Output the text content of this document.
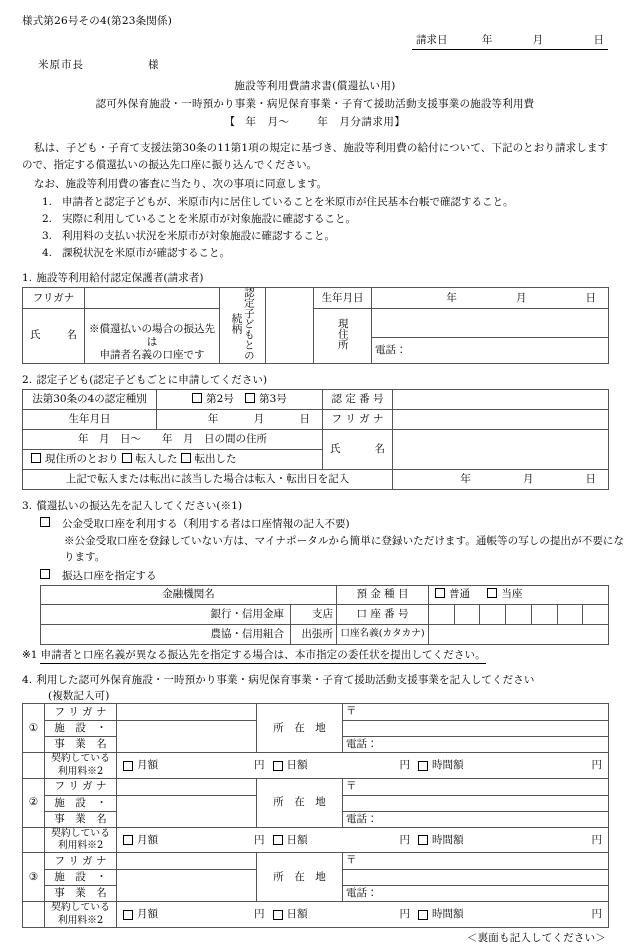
様式第26号その4(第23条関係)
請求日	年	月	日
米原市長	様
施設等利用費請求書(償還払い用)
認可外保育施設・一時預かり事業・病児保育事業・子育て援助活動支援事業の施設等利用費
【 年　月～	年　月分請求用】
私は、子ども・子育て支援法第30条の11第1項の規定に基づき、施設等利用費の給付について、下記のとおり請求しますので、指定する償還払いの振込先口座に振り込んでください。
なお、施設等利用費の審査に当たり、次の事項に同意します。
1. 申請者と認定子どもが、米原市内に居住していることを米原市が住民基本台帳で確認すること。
2. 実際に利用していることを米原市が対象施設に確認すること。
3. 利用料の支払い状況を米原市が対象施設に確認すること。
4. 課税状況を米原市が確認すること。
1. 施設等利用給付認定保護者(請求者)
フリガナ		認定子どもとの続柄		生年月日	年 月 日

氏 名

※償還払いの場合の振込先は
申請者名義の口座です
	現住所	
					電話：
2. 認定子ども(認定子どもごとに申請してください)
法第30条の4の認定種別	第2号 第3号	認 定 番 号	
生年月日	年 月 日	フ リ ガ ナ	
年　月　日～　　年　月　日の間の住所		氏 名	

現住所のとおり 転入した 転出した			
上記で転入または転出に該当した場合は転入・転出日を記入			年 月 日
3. 償還払いの振込先を記入してください(※1)
公金受取口座を利用する（利用する者は口座情報の記入不要)
※公金受取口座を登録していない方は、マイナポータルから簡単に登録いただけます。通帳等の写しの提出が不要になります。
振込口座を指定する
金融機関名		預 金 種 目	普通 当座
銀行・信用金庫	支店	口 座 番 号	

農協・信用組合	出張所	口座名義(カタカナ)	
※1 申請者と口座名義が異なる振込先を指定する場合は、本市指定の委任状を提出してください。
4. 利用した認可外保育施設・一時預かり事業・病児保育事業・子育て援助活動支援事業を記入してください
(複数記入可)
①	フ リ ガ ナ		所　在　地	〒
	施　設　・			
	事　業　名			電話：
	契約している利用料※2	
月額	円 日額	円 時間額	円

②	フ リ ガ ナ		所　在　地	〒
	施　設　・			
	事　業　名			電話：
	契約している利用料※2	
月額	円 日額	円 時間額	円

③	フ リ ガ ナ		所　在　地	〒
	施　設　・			
	事　業　名			電話：
	契約している利用料※2	
月額	円 日額	円 時間額	円
＜裏面も記入してください＞
